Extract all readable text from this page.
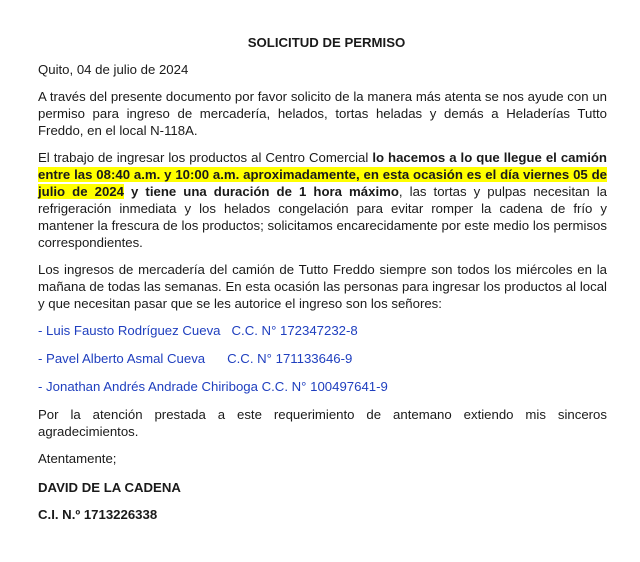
SOLICITUD DE PERMISO
Quito, 04 de julio de 2024

A través del presente documento por favor solicito de la manera más atenta se nos ayude con un permiso para ingreso de mercadería, helados, tortas heladas y demás a Heladerías Tutto Freddo, en el local N-118A.

El trabajo de ingresar los productos al Centro Comercial lo hacemos a lo que llegue el camión entre las 08:40 a.m. y 10:00 a.m. aproximadamente, en esta ocasión es el día viernes 05 de julio de 2024 y tiene una duración de 1 hora máximo, las tortas y pulpas necesitan la refrigeración inmediata y los helados congelación para evitar romper la cadena de frío y mantener la frescura de los productos; solicitamos encarecidamente por este medio los permisos correspondientes.

Los ingresos de mercadería del camión de Tutto Freddo siempre son todos los miércoles en la mañana de todas las semanas. En esta ocasión las personas para ingresar los productos al local y que necesitan pasar que se les autorice el ingreso son los señores:

- Luis Fausto Rodríguez Cueva   C.C. N° 172347232-8
- Pavel Alberto Asmal Cueva      C.C. N° 171133646-9
- Jonathan Andrés Andrade Chiriboga C.C. N° 100497641-9

Por la atención prestada a este requerimiento de antemano extiendo mis sinceros agradecimientos.

Atentamente;
DAVID DE LA CADENA
C.I. N.º 1713226338
